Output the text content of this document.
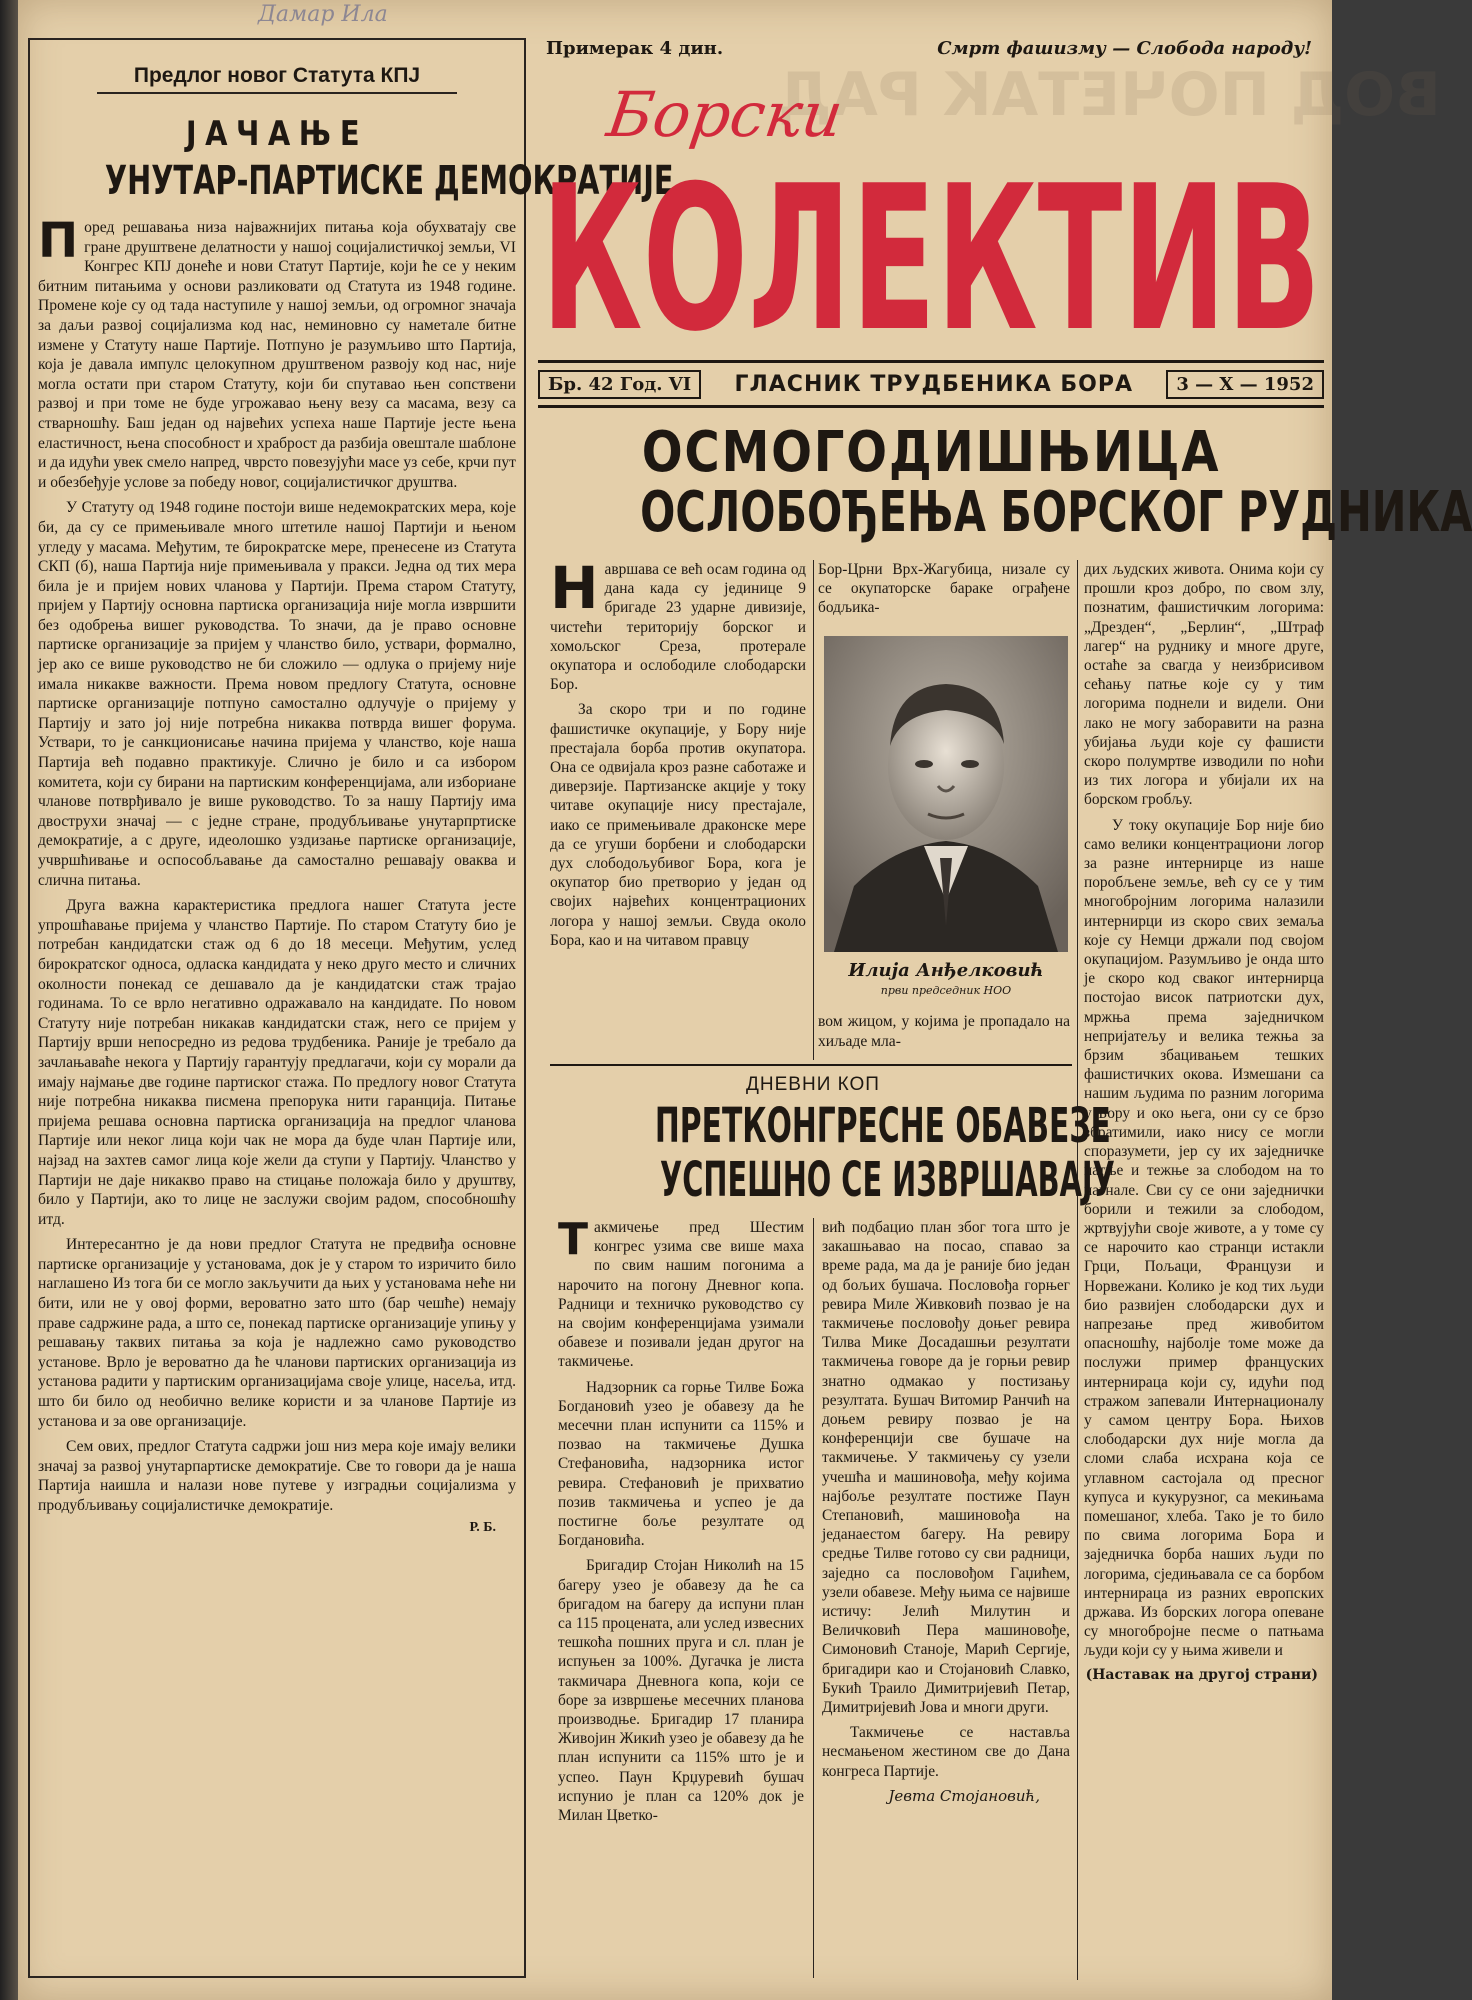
Дамар Илa
Предлог новог Статута КПЈ
ЈАЧАЊЕ
УНУТАР-ПАРТИСКЕ ДЕМОКРАТИЈЕ

Поред решавања низа најважнијих питања која обухватају све гране друштвене делатности у нашој социјалистичкој земљи, VI Конгрес КПЈ донеће и нови Статут Партије, који ће се у неким битним питањима у основи разликовати од Статута из 1948 године. Промене које су од тада наступиле у нашој земљи, од огромног значаја за даљи развој социјализма код нас, неминовно су наметале битне измене у Статуту наше Партије. Потпуно је разумљиво што Партија, која је давала импулс целокупном друштвеном развоју код нас, није могла остати при старом Статуту, који би спутавао њен сопствени развој и при томе не буде угрожавао њену везу са масама, везу са стварношћу. Баш један од највећих успеха наше Партије јесте њена еластичност, њена способност и храброст да разбија овешталe шаблоне и да идући увек смело напред, чврсто повезујући масе уз себе, крчи пут и обезбеђује услове за победу новог, социјалистичког друштва.

У Статуту од 1948 године постоји више недемократских мера, које би, да су се примењивале много штетиле нашој Партији и њеном угледу у масама. Међутим, те бирократске мере, пренесене из Статута СКП (б), наша Партија није примењивала у пракси. Једна од тих мера била је и пријем нових чланова у Партији. Према старом Статуту, пријем у Партију основна партиска организација није могла извршити без одобрења вишег руководства. То значи, да је право основне партиске организације за пријем у чланство било, уствари, формално, јер ако се више руководство не би сложило — одлука о пријему није имала никакве важности. Према новом предлогу Статута, основне партиске организације потпуно самостално одлучује о пријему у Партију и зато јој није потребна никаква потврда вишег форума. Уствари, то је санкционисање начина пријема у чланство, које наша Партија већ подавно практикује. Слично је било и са избором комитета, који су бирани на партиским конференцијама, али избориане чланове потврђивало је више руководство. То за нашу Партију има двострухи значај — с једне стране, продубљивање унутарпртиске демократије, а с друге, идеолошко уздизање партиске организације, учвршћивање и оспособљавање да самостално решавају оваква и слична питања.

Друга важна карактеристика предлога нашег Статута јесте упрошћавање пријема у чланство Партије. По старом Статуту био је потребан кандидатски стаж од 6 до 18 месеци. Међутим, услед бирократског односа, одласка кандидата у неко друго место и сличних околности понекад се дешавало да је кандидатски стаж трајао годинама. То се врло негативно одражавало на кандидате. По новом Статуту није потребан никакав кандидатски стаж, него се пријем у Партију врши непосредно из редова трудбеника. Раније је требало да зачлањаваће некога у Партију гарантују предлагачи, који су морали да имају најмање две године партиског стажа. По предлогу новог Статута није потребна никаква писмена препорука нити гаранција. Питање пријема решава основна партиска организација на предлог чланова Партије или неког лица који чак не мора да буде члан Партије или, најзад на захтев самог лица које жели да ступи у Партију. Чланство у Партији не даје никакво право на стицање положаја било у друштву, било у Партији, ако то лице не заслужи својим радом, способношћу итд.

Интересантно је да нови предлог Статута не предвиђа основне партиске организације у установама, док је у старом то изричито било наглашено Из тога би се могло закључити да њих у установама неће ни бити, или не у овој форми, вероватно зато што (бар чешће) немају праве садржине рада, а што се, понекад партиске организације упињу у решавању таквих питања за која је надлежно само руководство установе. Врло је вероватно да ће чланови партиских организација из установа радити у партиским организацијама своје улице, насеља, итд. што би било од необично велике користи и за чланове Партије из установа и за ове организације.

Сем ових, предлог Статута садржи још низ мера које имају велики значај за развој унутарпартиске демократије. Све то говори да је наша Партија наишла и налази нове путеве у изградњи социјализма у продубљивању социјалистичке демократије.

Р. Б.
Примерак 4 дин.	Смрт фашизму — Слобода народу!
ВОД ПОЧЕТАК РАД
Борски
КОЛЕКТИВ
Бр. 42 Год. VI	ГЛАСНИК ТРУДБЕНИКА БОРА	3 — X — 1952
ОСМОГОДИШЊИЦА
ОСЛОБОЂЕЊА БОРСКОГ РУДНИКА

Навршава се већ осам година од дана када су јединице 9 бригаде 23 ударне дивизије, чистећи територију борског и хомољског Среза, протерале окупатора и ослободиле слободарски Бор.

За скоро три и по године фашистичке окупације, у Бору није престајала борба против окупатора. Она се одвијала кроз разне саботаже и диверзије. Партизанске акције у току читаве окупације нису престајале, иако се примењивале драконске мере да се угуши борбени и слободарски дух слободољубивог Бора, кога је окупатор био претворио у један од својих највећих концентрационих логора у нашој земљи. Свуда около Бора, као и на читавом правцу

Бор-Црни Врх-Жагубица, низале су се окупаторске бараке ограђене бодљика-

Илија Анђелковић
први председник НОО

вом жицом, у којима је пропадало на хиљаде мла-

дих људских живота. Онима који су прошли кроз добро, по свом злу, познатим, фашистичким логорима: „Дрезден“, „Берлин“, „Штраф лагер“ на руднику и многе друге, остаће за свагда у неизбрисивом сећању патње које су у тим логорима поднели и видели. Они лако не могу заборавити на разна убијања људи које су фашисти скоро полумртве изводили по ноћи из тих логора и убијали их на борском гробљу.

У току окупације Бор није био само велики концентрациони логор за разне интернирце из наше поробљене земље, већ су се у тим многобројним логорима налазили интернирци из скоро свих земаља које су Немци држали под својом окупацијом. Разумљиво је онда што је скоро код сваког интернирца постојао висок патриотски дух, мржња према заједничком непријатељу и велика тежња за брзим збацивањем тешких фашистичких окова. Измешани са нашим људима по разним логорима у Бору и око њега, они су се брзо збратимили, иако нису се могли споразумети, јер су их заједничке патње и тежње за слободом на то нагнале. Сви су се они заједнички борили и тежили за слободом, жртвујући своје животе, а у томе су се нарочито као странци истакли Грци, Пољаци, Французи и Норвежани. Колико је код тих људи био развијен слободарски дух и напрезање пред живобитом опасношћу, најболје томе може да послужи пример француских интернираца који су, идући под стражом запевали Интернационалу у самом центру Бора. Њихов слободарски дух није могла да сломи слаба исхрана која се углавном састојала од пресног купуса и кукурузног, са мекињама помешаног, хлеба. Тако је то било по свима логорима Бора и заједничка борба наших људи по логорима, сједињавала се са борбом интернираца из разних европских држава. Из борских логора опеване су многобројне песме о патњама људи који су у њима живели и

(Наставак на другој страни)
ДНЕВНИ КОП
ПРЕТКОНГРЕСНЕ ОБАВЕЗЕ
УСПЕШНО СЕ ИЗВРШАВАЈУ

Такмичење пред Шестим конгрес узима све више маха по свим нашим погонима а нарочито на погону Дневног копа. Радници и техничко руководство су на својим конференцијама узимали обавезе и позивали један другог на такмичење.

Надзорник са горње Тилве Божа Богдановић узео је обавезу да ће месечни план испунити са 115% и позвао на такмичење Душка Стефановића, надзорника истог ревира. Стефановић је прихватио позив такмичења и успео је да постигне боље резултате од Богдановића.

Бригадир Стојан Николић на 15 багеру узео је обавезу да ће са бригадом на багеру да испуни план са 115 процената, али услед извесних тешкоћа пошних пруга и сл. план је испуњен за 100%. Дугачка је листа такмичара Дневнога копа, који се боре за извршење месечних планова производње. Бригадир 17 планира Живојин Жикић узео је обавезу да ће план испунити са 115% што је и успео. Паун Крџуревић бушач испунио је план са 120% док је Милан Цветко-

вић подбацио план због тога што је закашњавао на посао, спавао за време рада, ма да је раније био један од бољих бушача. Пословођа горњег ревира Миле Живковић позвао је на такмичење пословођу доњег ревира Тилва Мике Досадашњи резултати такмичења говоре да је горњи ревир знатно одмакао у постизању резултата. Бушач Витомир Ранчић на доњем ревиру позвао је на конференцији све бушаче на такмичење. У такмичењу су узели учешћа и машиновођа, међу којима најбоље резултате постиже Паун Степановић, машиновођа на једанаестом багеру. На ревиру средње Тилве готово су сви радници, заједно са пословођом Гаџићем, узели обавезе. Међу њима се највише истичу: Јелић Милутин и Величковић Пера машиновође, Симоновић Станоје, Марић Сергије, бригадири као и Стојановић Славко, Букић Траило Димитријевић Петар, Димитријевић Јова и многи други.

Такмичење се наставља несмањеном жестином све до Дана конгреса Партије.

Јевта Стојановић,
